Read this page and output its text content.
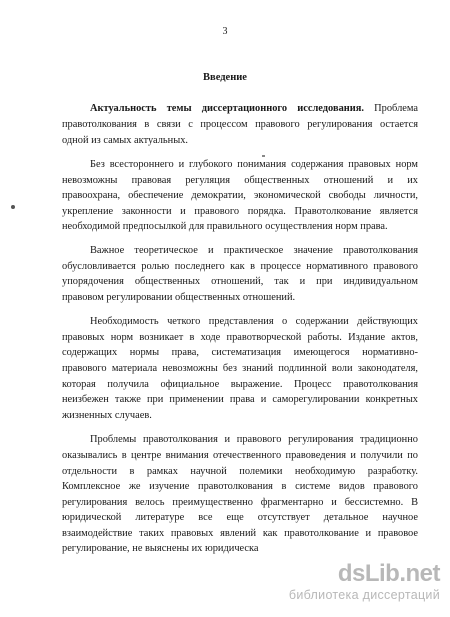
3
Введение
Актуальность темы диссертационного исследования. Проблема
правотолкования в связи с процессом правового регулирования остается
одной из самых актуальных.
Без всестороннего и глубокого понимания содержания правовых норм
невозможны правовая регуляция общественных отношений и их
правоохрана, обеспечение демократии, экономической свободы личности,
укрепление законности и правового порядка. Правотолкование является
необходимой предпосылкой для правильного осуществления норм права.
Важное теоретическое и практическое значение правотолкования
обусловливается ролью последнего как в процессе нормативного правового
упорядочения общественных отношений, так и при индивидуальном
правовом регулировании общественных отношений.
Необходимость четкого представления о содержании действующих
правовых норм возникает в ходе правотворческой работы. Издание актов,
содержащих нормы права, систематизация имеющегося нормативно-
правового материала невозможны без знаний подлинной воли законодателя,
которая получила официальное выражение. Процесс правотолкования
неизбежен также при применении права и саморегулировании конкретных
жизненных случаев.
Проблемы правотолкования и правового регулирования традиционно
оказывались в центре внимания отечественного правоведения и получили по
отдельности в рамках научной полемики необходимую разработку.
Комплексное же изучение правотолкования в системе видов правового
регулирования велось преимущественно фрагментарно и бессистемно. В
юридической литературе все еще отсутствует детальное научное
взаимодействие таких правовых явлений как правотолкование и правовое
регулирование, не выяснены их юридическа
dsLib.net
библиотека диссертаций
